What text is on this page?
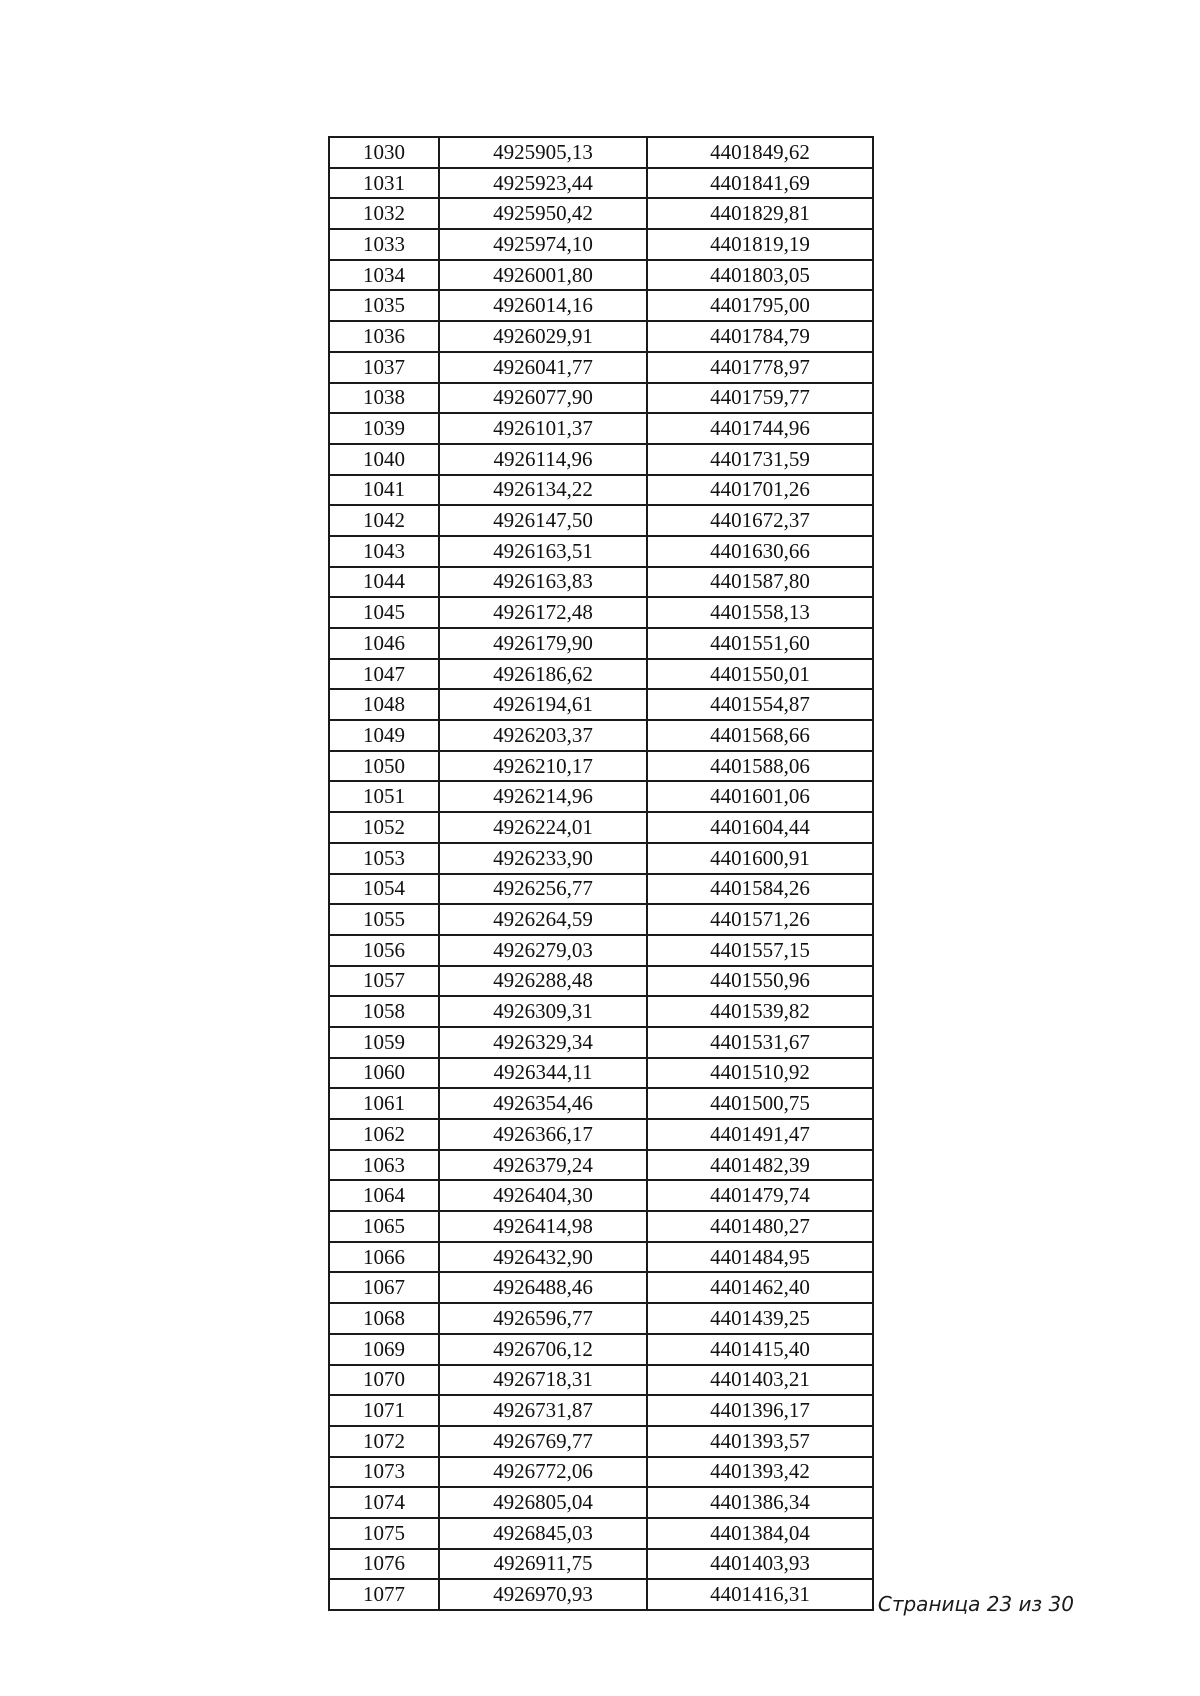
1030	4925905,13	4401849,62
1031	4925923,44	4401841,69
1032	4925950,42	4401829,81
1033	4925974,10	4401819,19
1034	4926001,80	4401803,05
1035	4926014,16	4401795,00
1036	4926029,91	4401784,79
1037	4926041,77	4401778,97
1038	4926077,90	4401759,77
1039	4926101,37	4401744,96
1040	4926114,96	4401731,59
1041	4926134,22	4401701,26
1042	4926147,50	4401672,37
1043	4926163,51	4401630,66
1044	4926163,83	4401587,80
1045	4926172,48	4401558,13
1046	4926179,90	4401551,60
1047	4926186,62	4401550,01
1048	4926194,61	4401554,87
1049	4926203,37	4401568,66
1050	4926210,17	4401588,06
1051	4926214,96	4401601,06
1052	4926224,01	4401604,44
1053	4926233,90	4401600,91
1054	4926256,77	4401584,26
1055	4926264,59	4401571,26
1056	4926279,03	4401557,15
1057	4926288,48	4401550,96
1058	4926309,31	4401539,82
1059	4926329,34	4401531,67
1060	4926344,11	4401510,92
1061	4926354,46	4401500,75
1062	4926366,17	4401491,47
1063	4926379,24	4401482,39
1064	4926404,30	4401479,74
1065	4926414,98	4401480,27
1066	4926432,90	4401484,95
1067	4926488,46	4401462,40
1068	4926596,77	4401439,25
1069	4926706,12	4401415,40
1070	4926718,31	4401403,21
1071	4926731,87	4401396,17
1072	4926769,77	4401393,57
1073	4926772,06	4401393,42
1074	4926805,04	4401386,34
1075	4926845,03	4401384,04
1076	4926911,75	4401403,93
1077	4926970,93	4401416,31	Страница 23 из 30
